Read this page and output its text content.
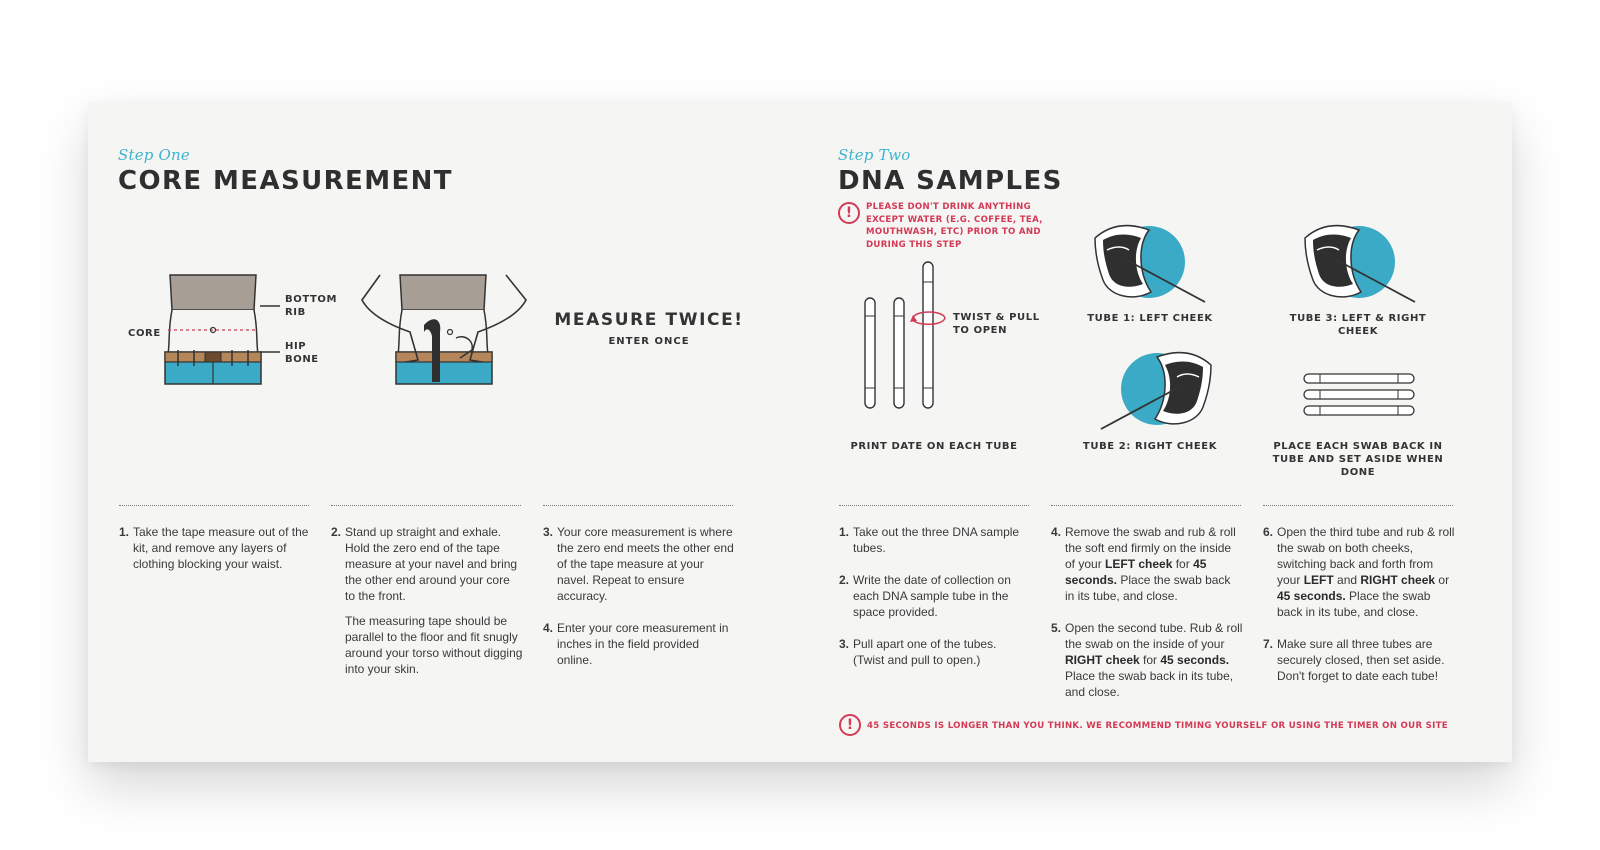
Step One
CORE MEASUREMENT
BOTTOM RIB
CORE
HIP BONE
MEASURE TWICE!
ENTER ONCE
1. Take the tape measure out of the kit, and remove any layers of clothing blocking your waist.
2. Stand up straight and exhale. Hold the zero end of the tape measure at your navel and bring the other end around your core to the front.
The measuring tape should be parallel to the floor and fit snugly around your torso without digging into your skin.
3. Your core measurement is where the zero end meets the other end of the tape measure at your navel. Repeat to ensure accuracy.
4. Enter your core measurement in inches in the field provided online.
Step Two
DNA SAMPLES
!	PLEASE DON'T DRINK ANYTHING EXCEPT WATER (E.G. COFFEE, TEA, MOUTHWASH, ETC) PRIOR TO AND DURING THIS STEP
TWIST & PULL TO OPEN
TUBE 1: LEFT CHEEK	TUBE 3: LEFT & RIGHT CHEEK
PRINT DATE ON EACH TUBE	TUBE 2: RIGHT CHEEK	PLACE EACH SWAB BACK IN TUBE AND SET ASIDE WHEN DONE
1. Take out the three DNA sample tubes.
2. Write the date of collection on each DNA sample tube in the space provided.
3. Pull apart one of the tubes. (Twist and pull to open.)
4. Remove the swab and rub & roll the soft end firmly on the inside of your LEFT cheek for 45 seconds. Place the swab back in its tube, and close.
5. Open the second tube. Rub & roll the swab on the inside of your RIGHT cheek for 45 seconds. Place the swab back in its tube, and close.
6. Open the third tube and rub & roll the swab on both cheeks, switching back and forth from your LEFT and RIGHT cheek or 45 seconds. Place the swab back in its tube, and close.
7. Make sure all three tubes are securely closed, then set aside. Don't forget to date each tube!
!	45 SECONDS IS LONGER THAN YOU THINK. WE RECOMMEND TIMING YOURSELF OR USING THE TIMER ON OUR SITE
